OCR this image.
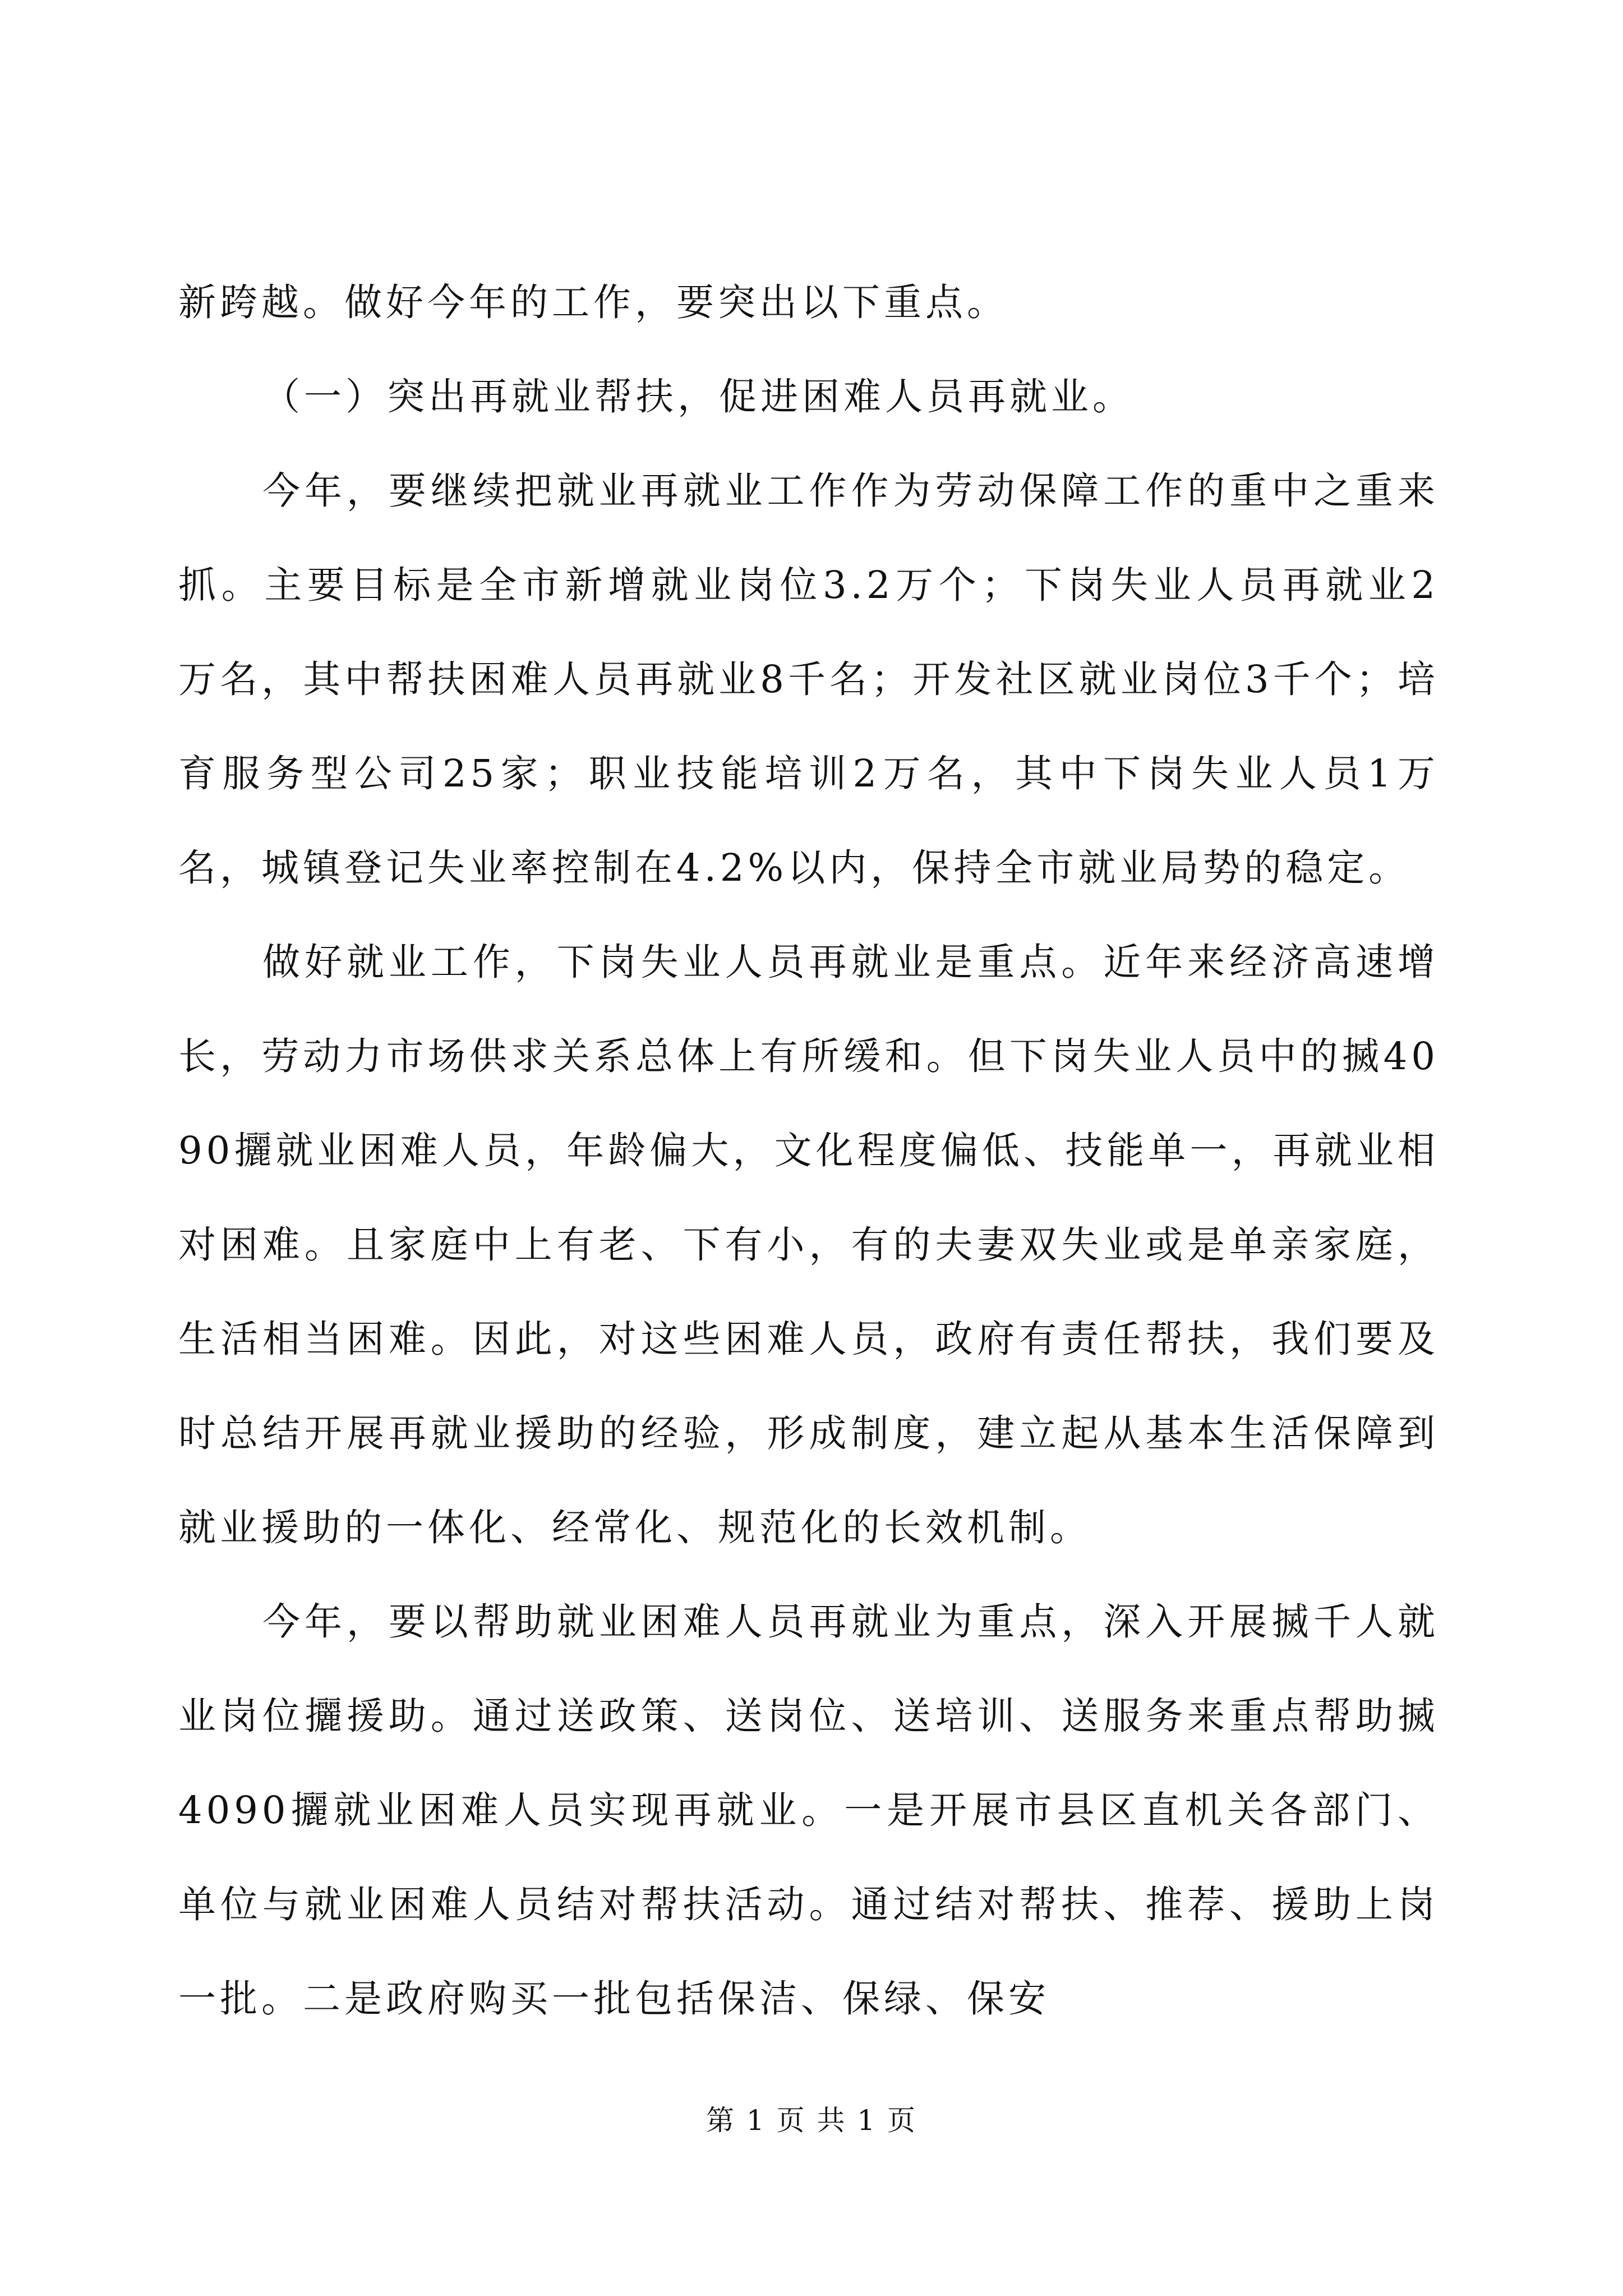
新跨越。做好今年的工作，要突出以下重点。

（一）突出再就业帮扶，促进困难人员再就业。

今年，要继续把就业再就业工作作为劳动保障工作的重中之重来抓。主要目标是全市新增就业岗位3.2万个；下岗失业人员再就业2万名，其中帮扶困难人员再就业8千名；开发社区就业岗位3千个；培育服务型公司25家；职业技能培训2万名，其中下岗失业人员1万名，城镇登记失业率控制在4.2%以内，保持全市就业局势的稳定。

做好就业工作，下岗失业人员再就业是重点。近年来经济高速增长，劳动力市场供求关系总体上有所缓和。但下岗失业人员中的搣4090攦就业困难人员，年龄偏大，文化程度偏低、技能单一，再就业相对困难。且家庭中上有老、下有小，有的夫妻双失业或是单亲家庭，生活相当困难。因此，对这些困难人员，政府有责任帮扶，我们要及时总结开展再就业援助的经验，形成制度，建立起从基本生活保障到就业援助的一体化、经常化、规范化的长效机制。

今年，要以帮助就业困难人员再就业为重点，深入开展搣千人就业岗位攦援助。通过送政策、送岗位、送培训、送服务来重点帮助搣4090攦就业困难人员实现再就业。一是开展市县区直机关各部门、单位与就业困难人员结对帮扶活动。通过结对帮扶、推荐、援助上岗一批。二是政府购买一批包括保洁、保绿、保安

第 1 页 共 1 页
